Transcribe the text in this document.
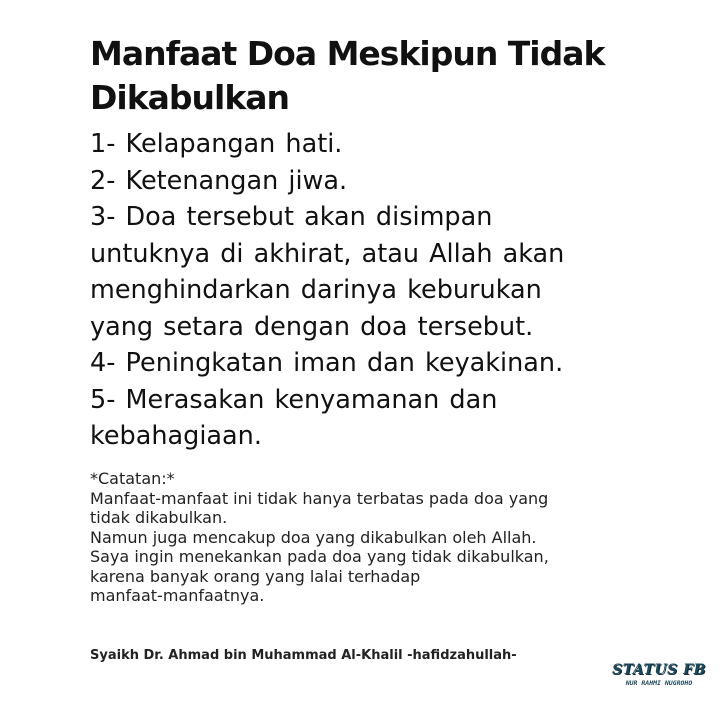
Manfaat Doa Meskipun Tidak
Dikabulkan
1- Kelapangan hati.
2- Ketenangan jiwa.
3- Doa tersebut akan disimpan
untuknya di akhirat, atau Allah akan
menghindarkan darinya keburukan
yang setara dengan doa tersebut.
4- Peningkatan iman dan keyakinan.
5- Merasakan kenyamanan dan
kebahagiaan.
*Catatan:*
Manfaat-manfaat ini tidak hanya terbatas pada doa yang
tidak dikabulkan.
Namun juga mencakup doa yang dikabulkan oleh Allah.
Saya ingin menekankan pada doa yang tidak dikabulkan,
karena banyak orang yang lalai terhadap
manfaat-manfaatnya.
Syaikh Dr. Ahmad bin Muhammad Al-Khalil -hafidzahullah-
STATUS FB
NUR RAHMI NUGROHO
